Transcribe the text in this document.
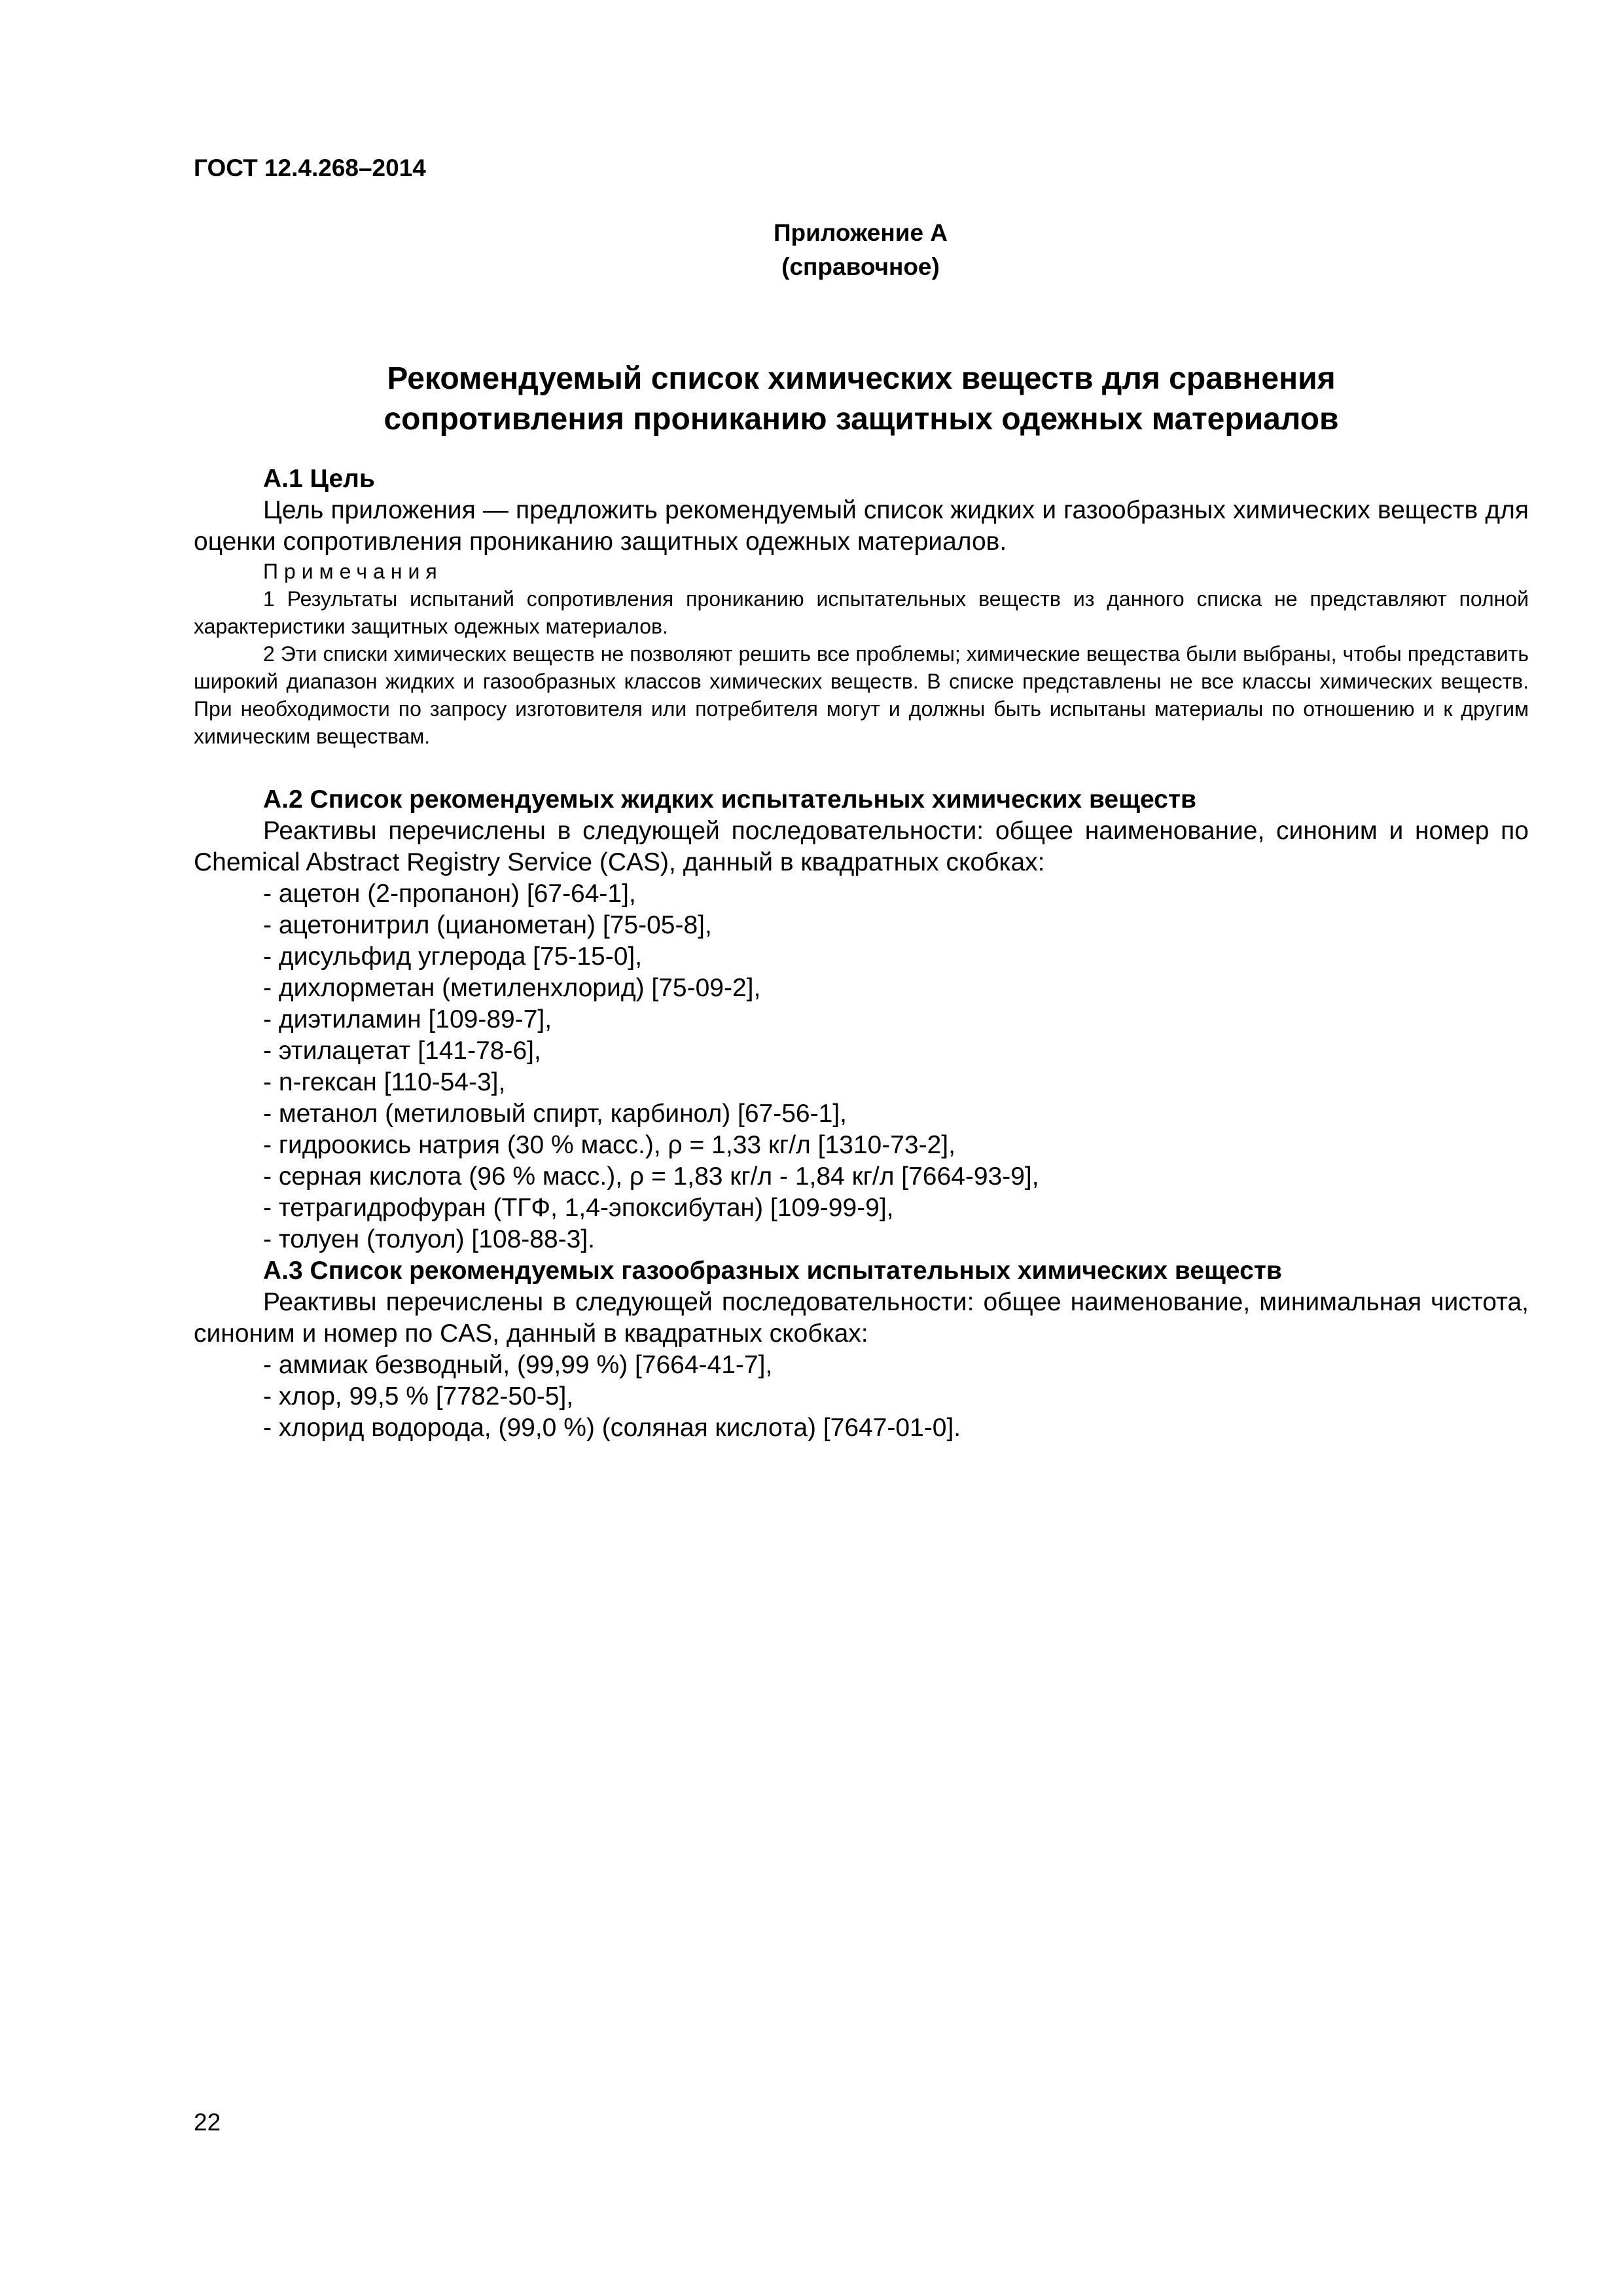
ГОСТ 12.4.268–2014
Приложение А
(справочное)
Рекомендуемый список химических веществ для сравнения
сопротивления прониканию защитных одежных материалов

А.1 Цель

Цель приложения — предложить рекомендуемый список жидких и газообразных химических веществ для оценки сопротивления прониканию защитных одежных материалов.

Примечания

1 Результаты испытаний сопротивления прониканию испытательных веществ из данного списка не представляют полной характеристики защитных одежных материалов.

2 Эти списки химических веществ не позволяют решить все проблемы; химические вещества были выбраны, чтобы представить широкий диапазон жидких и газообразных классов химических веществ. В списке представлены не все классы химических веществ. При необходимости по запросу изготовителя или потребителя могут и должны быть испытаны материалы по отношению и к другим химическим веществам.

А.2 Список рекомендуемых жидких испытательных химических веществ

Реактивы перечислены в следующей последовательности: общее наименование, синоним и номер по Chemical Abstract Registry Service (CAS), данный в квадратных скобках:

- ацетон (2-пропанон) [67-64-1],
- ацетонитрил (цианометан) [75-05-8],
- дисульфид углерода [75-15-0],
- дихлорметан (метиленхлорид) [75-09-2],
- диэтиламин [109-89-7],
- этилацетат [141-78-6],
- n-гексан [110-54-3],
- метанол (метиловый спирт, карбинол) [67-56-1],
- гидроокись натрия (30 % масс.), ρ = 1,33 кг/л [1310-73-2],
- серная кислота (96 % масс.), ρ = 1,83 кг/л - 1,84 кг/л [7664-93-9],
- тетрагидрофуран (ТГФ, 1,4-эпоксибутан) [109-99-9],
- толуен (толуол) [108-88-3].

А.3 Список рекомендуемых газообразных испытательных химических веществ

Реактивы перечислены в следующей последовательности: общее наименование, минимальная чистота, синоним и номер по CAS, данный в квадратных скобках:

- аммиак безводный, (99,99 %) [7664-41-7],
- хлор, 99,5 % [7782-50-5],
- хлорид водорода, (99,0 %) (соляная кислота) [7647-01-0].
22
